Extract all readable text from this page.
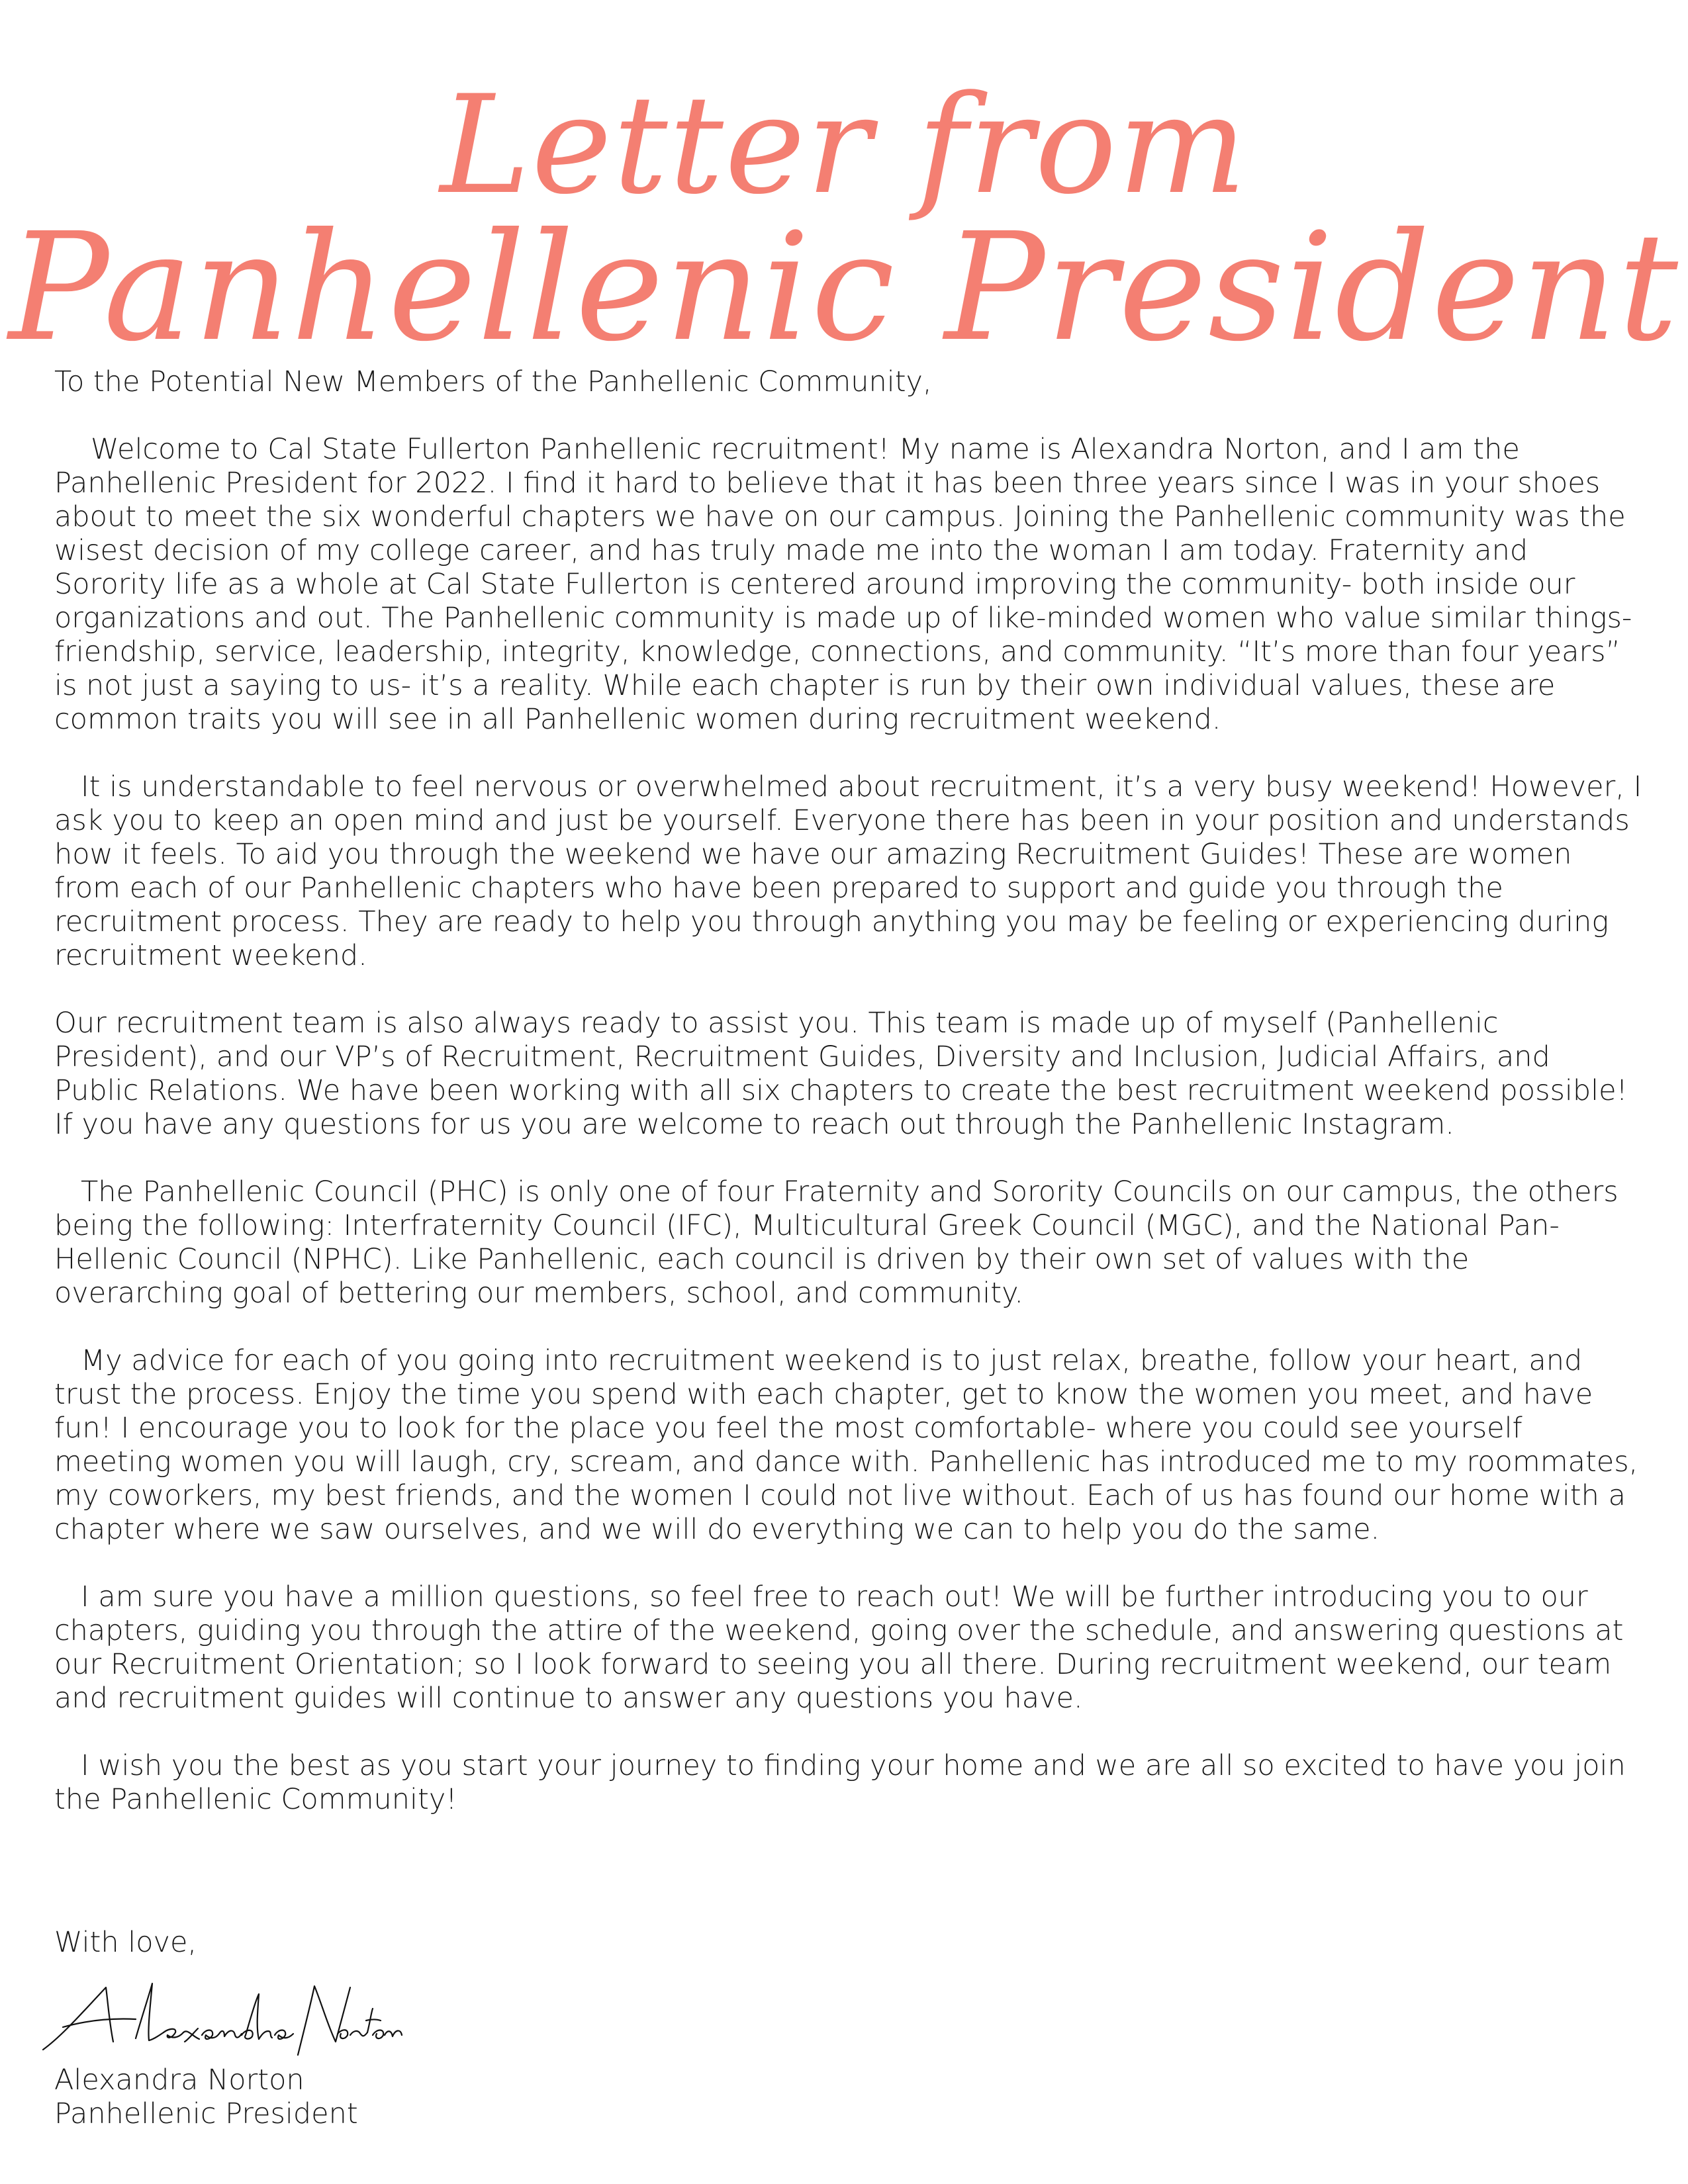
Letter from
Panhellenic President

To the Potential New Members of the Panhellenic Community,

Welcome to Cal State Fullerton Panhellenic recruitment! My name is Alexandra Norton, and I am the Panhellenic President for 2022. I find it hard to believe that it has been three years since I was in your shoes about to meet the six wonderful chapters we have on our campus. Joining the Panhellenic community was the wisest decision of my college career, and has truly made me into the woman I am today. Fraternity and Sorority life as a whole at Cal State Fullerton is centered around improving the community- both inside our organizations and out. The Panhellenic community is made up of like-minded women who value similar things- friendship, service, leadership, integrity, knowledge, connections, and community. “It’s more than four years” is not just a saying to us- it’s a reality. While each chapter is run by their own individual values, these are common traits you will see in all Panhellenic women during recruitment weekend.

It is understandable to feel nervous or overwhelmed about recruitment, it’s a very busy weekend! However, I ask you to keep an open mind and just be yourself. Everyone there has been in your position and understands how it feels. To aid you through the weekend we have our amazing Recruitment Guides! These are women from each of our Panhellenic chapters who have been prepared to support and guide you through the recruitment process. They are ready to help you through anything you may be feeling or experiencing during recruitment weekend.

Our recruitment team is also always ready to assist you. This team is made up of myself (Panhellenic President), and our VP’s of Recruitment, Recruitment Guides, Diversity and Inclusion, Judicial Affairs, and Public Relations. We have been working with all six chapters to create the best recruitment weekend possible! If you have any questions for us you are welcome to reach out through the Panhellenic Instagram.

The Panhellenic Council (PHC) is only one of four Fraternity and Sorority Councils on our campus, the others being the following: Interfraternity Council (IFC), Multicultural Greek Council (MGC), and the National Pan-Hellenic Council (NPHC). Like Panhellenic, each council is driven by their own set of values with the overarching goal of bettering our members, school, and community.

My advice for each of you going into recruitment weekend is to just relax, breathe, follow your heart, and trust the process. Enjoy the time you spend with each chapter, get to know the women you meet, and have fun! I encourage you to look for the place you feel the most comfortable- where you could see yourself meeting women you will laugh, cry, scream, and dance with. Panhellenic has introduced me to my roommates, my coworkers, my best friends, and the women I could not live without. Each of us has found our home with a chapter where we saw ourselves, and we will do everything we can to help you do the same.

I am sure you have a million questions, so feel free to reach out! We will be further introducing you to our chapters, guiding you through the attire of the weekend, going over the schedule, and answering questions at our Recruitment Orientation; so I look forward to seeing you all there. During recruitment weekend, our team and recruitment guides will continue to answer any questions you have.

I wish you the best as you start your journey to finding your home and we are all so excited to have you join the Panhellenic Community!

With love,
Alexandra Norton
Panhellenic President
